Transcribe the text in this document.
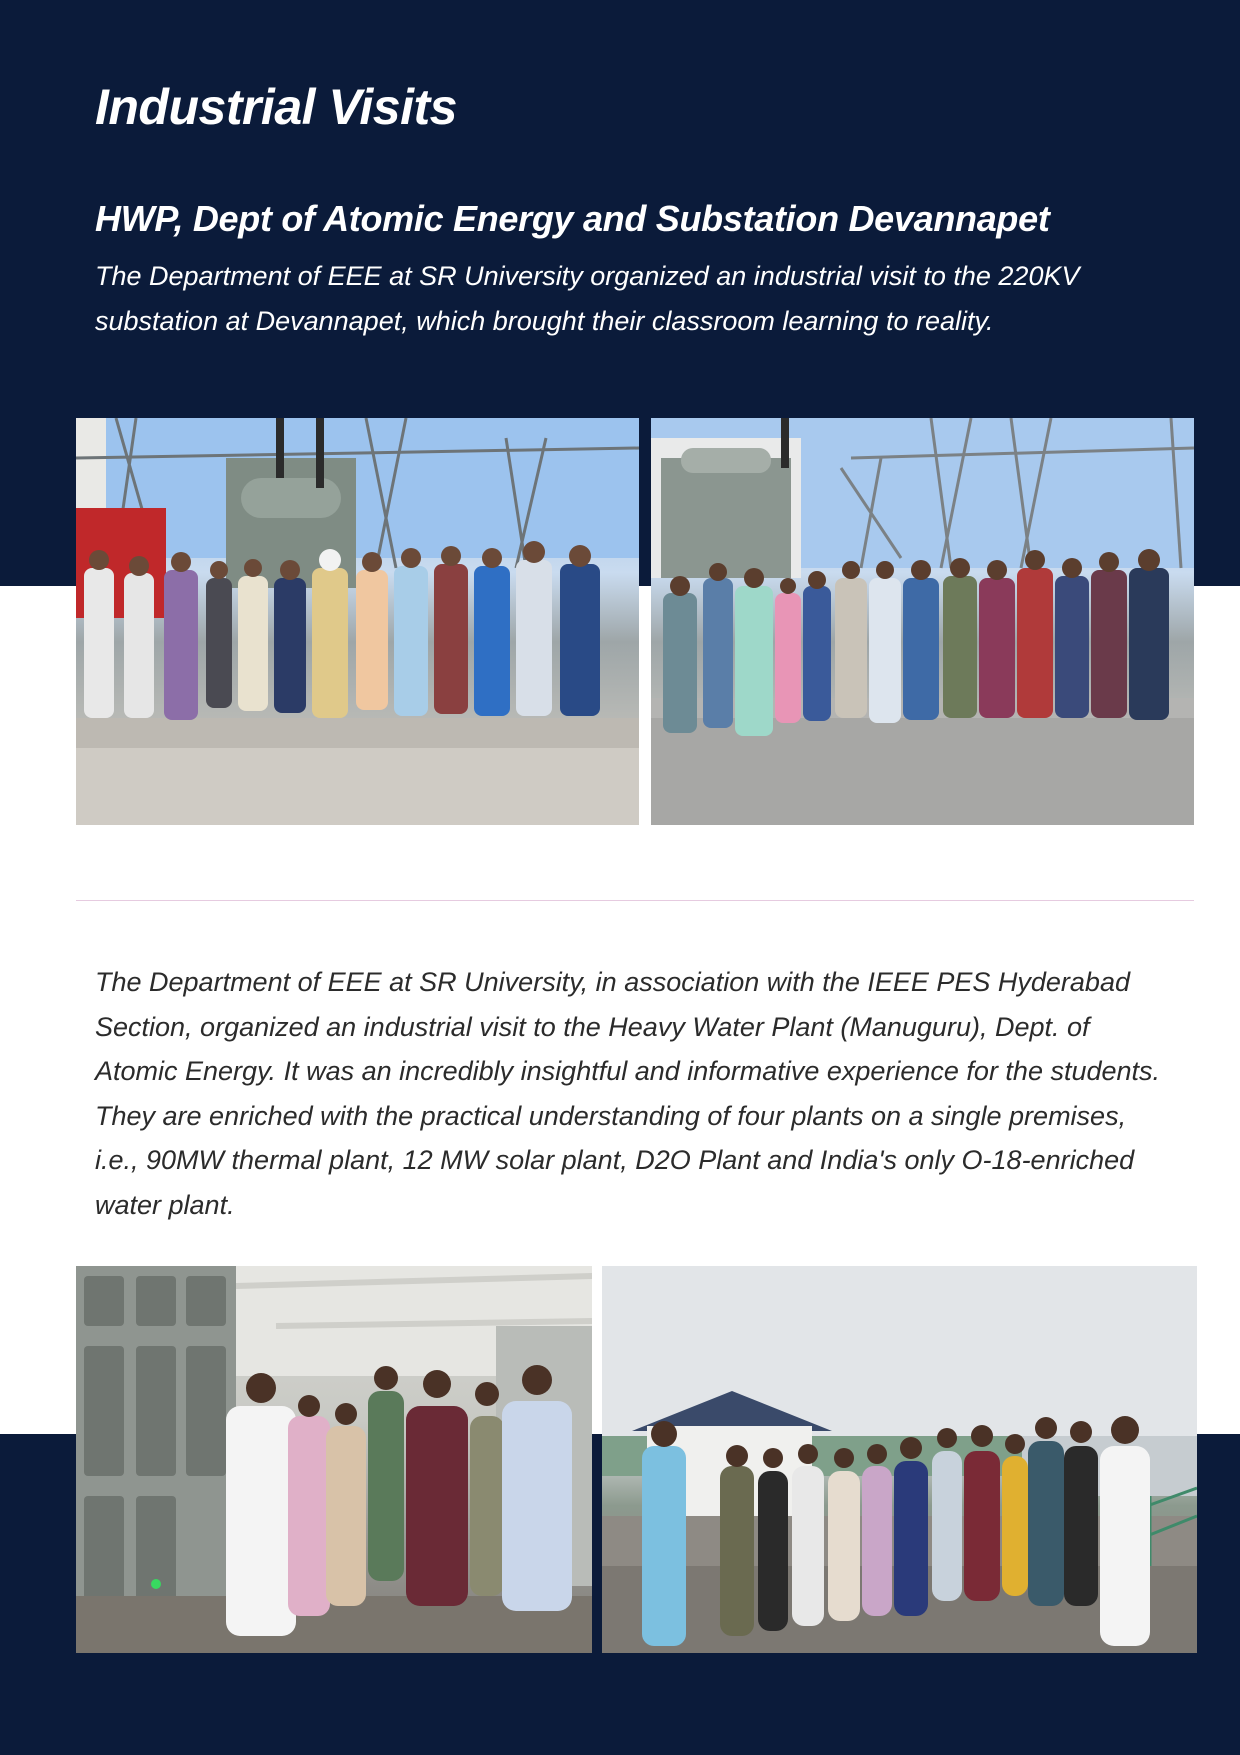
Industrial Visits
HWP, Dept of Atomic Energy and Substation Devannapet

The Department of EEE at SR University organized an industrial visit to the 220KV substation at Devannapet, which brought their classroom learning to reality.

The Department of EEE at SR University, in association with the IEEE PES Hyderabad Section, organized an industrial visit to the Heavy Water Plant (Manuguru), Dept. of Atomic Energy. It was an incredibly insightful and informative experience for the students. They are enriched with the practical understanding of four plants on a single premises, i.e., 90MW thermal plant, 12 MW solar plant, D2O Plant and India's only O-18-enriched water plant.
